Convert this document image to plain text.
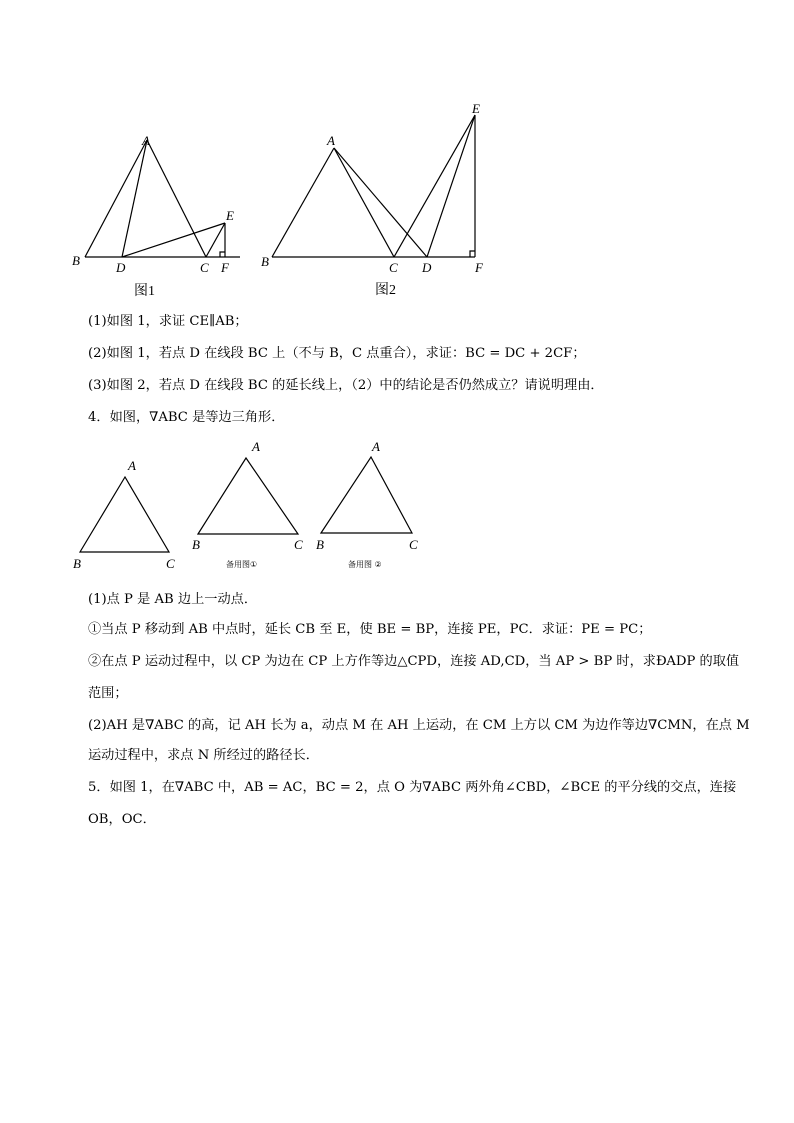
A
B	D	C F
E
图1
A
B	C D	F
E
图2
(1)如图 1，求证 CE∥AB；
(2)如图 1，若点 D 在线段 BC 上（不与 B，C 点重合），求证：BC = DC + 2CF；
(3)如图 2，若点 D 在线段 BC 的延长线上，（2）中的结论是否仍然成立？请说明理由．
4．如图，∇ABC 是等边三角形．
A
B	C
A
B	C
备用图①
A
B	C
备用图 ②
(1)点 P 是 AB 边上一动点．
①当点 P 移动到 AB 中点时，延长 CB 至 E，使 BE = BP，连接 PE，PC．求证：PE = PC；
②在点 P 运动过程中，以 CP 为边在 CP 上方作等边△CPD，连接 AD,CD，当 AP > BP 时，求ÐADP 的取值
范围；
(2)AH 是∇ABC 的高，记 AH 长为 a，动点 M 在 AH 上运动，在 CM 上方以 CM 为边作等边∇CMN，在点 M
运动过程中，求点 N 所经过的路径长．
5．如图 1，在∇ABC 中，AB = AC，BC = 2，点 O 为∇ABC 两外角∠CBD，∠BCE 的平分线的交点，连接
OB，OC．
